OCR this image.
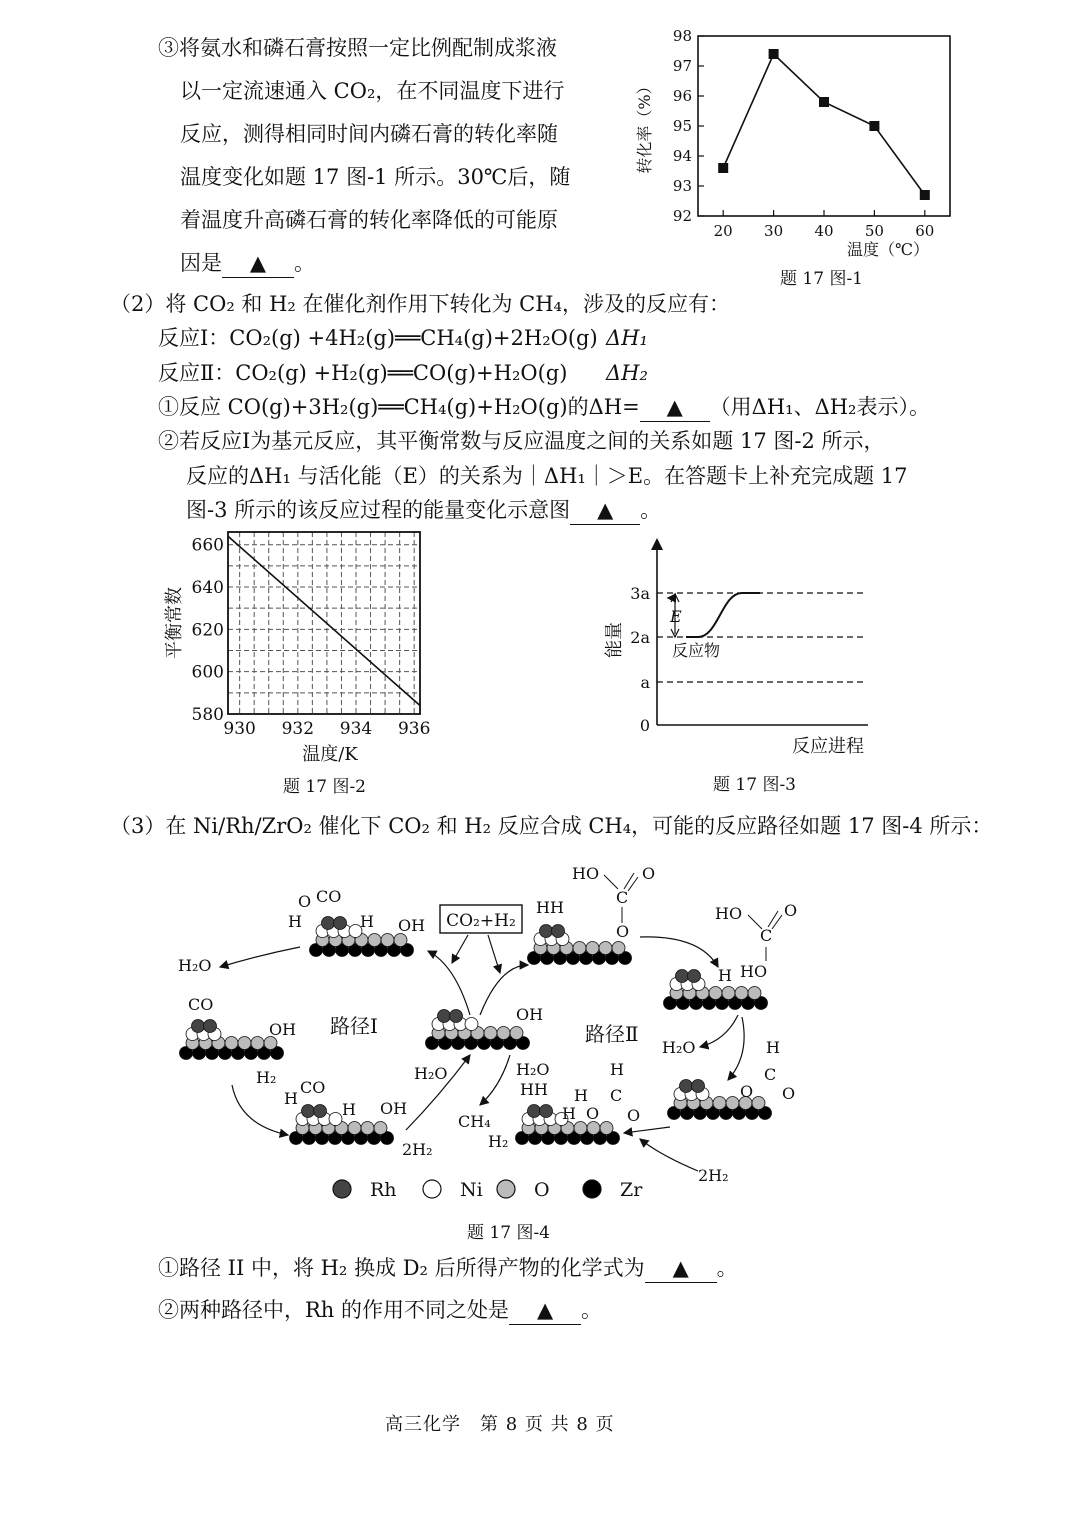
③将氨水和磷石膏按照一定比例配制成浆液
以一定流速通入 CO₂，在不同温度下进行
反应，测得相同时间内磷石膏的转化率随
温度变化如题 17 图-1 所示。30℃后，随
着温度升高磷石膏的转化率降低的可能原
因是 ▲ 。
92
93
94
95
96
97
98
20 30 40 50 60
转化率（%）
温度（℃）
题 17 图-1
（2）将 CO₂ 和 H₂ 在催化剂作用下转化为 CH₄，涉及的反应有：
反应Ⅰ：CO₂(g) +4H₂(g)══CH₄(g)+2H₂O(g) ΔH₁
反应Ⅱ：CO₂(g) +H₂(g)══CO(g)+H₂O(g) ΔH₂
①反应 CO(g)+3H₂(g)══CH₄(g)+H₂O(g)的ΔH= ▲ （用ΔH₁、ΔH₂表示）。
②若反应Ⅰ为基元反应，其平衡常数与反应温度之间的关系如题 17 图-2 所示，
反应的ΔH₁ 与活化能（E）的关系为｜ΔH₁｜＞E。在答题卡上补充完成题 17
图-3 所示的该反应过程的能量变化示意图 ▲ 。
580
600
620
640
660
930 932 934 936
平衡常数
温度/K
题 17 图-2
3a
2a
a
0
E
反应物
能量
反应进程
题 17 图-3
（3）在 Ni/Rh/ZrO₂ 催化下 CO₂ 和 H₂ 反应合成 CH₄，可能的反应路径如题 17 图-4 所示：
CO₂+H₂
路径Ⅰ	路径Ⅱ
O CO
H	H OH
H₂O
CO
OH
H₂
H
CO
H OH
OH
H₂O
2H₂
CH₄
HH
HO	O
C
O
HO	O
C
H HO
H₂O	H
C
O O
H₂O
HH H
H
C
H O O
H₂
2H₂
Rh	Ni	O	Zr
题 17 图-4
①路径 II 中，将 H₂ 换成 D₂ 后所得产物的化学式为 ▲ 。
②两种路径中，Rh 的作用不同之处是 ▲ 。
高三化学　第 8 页 共 8 页
